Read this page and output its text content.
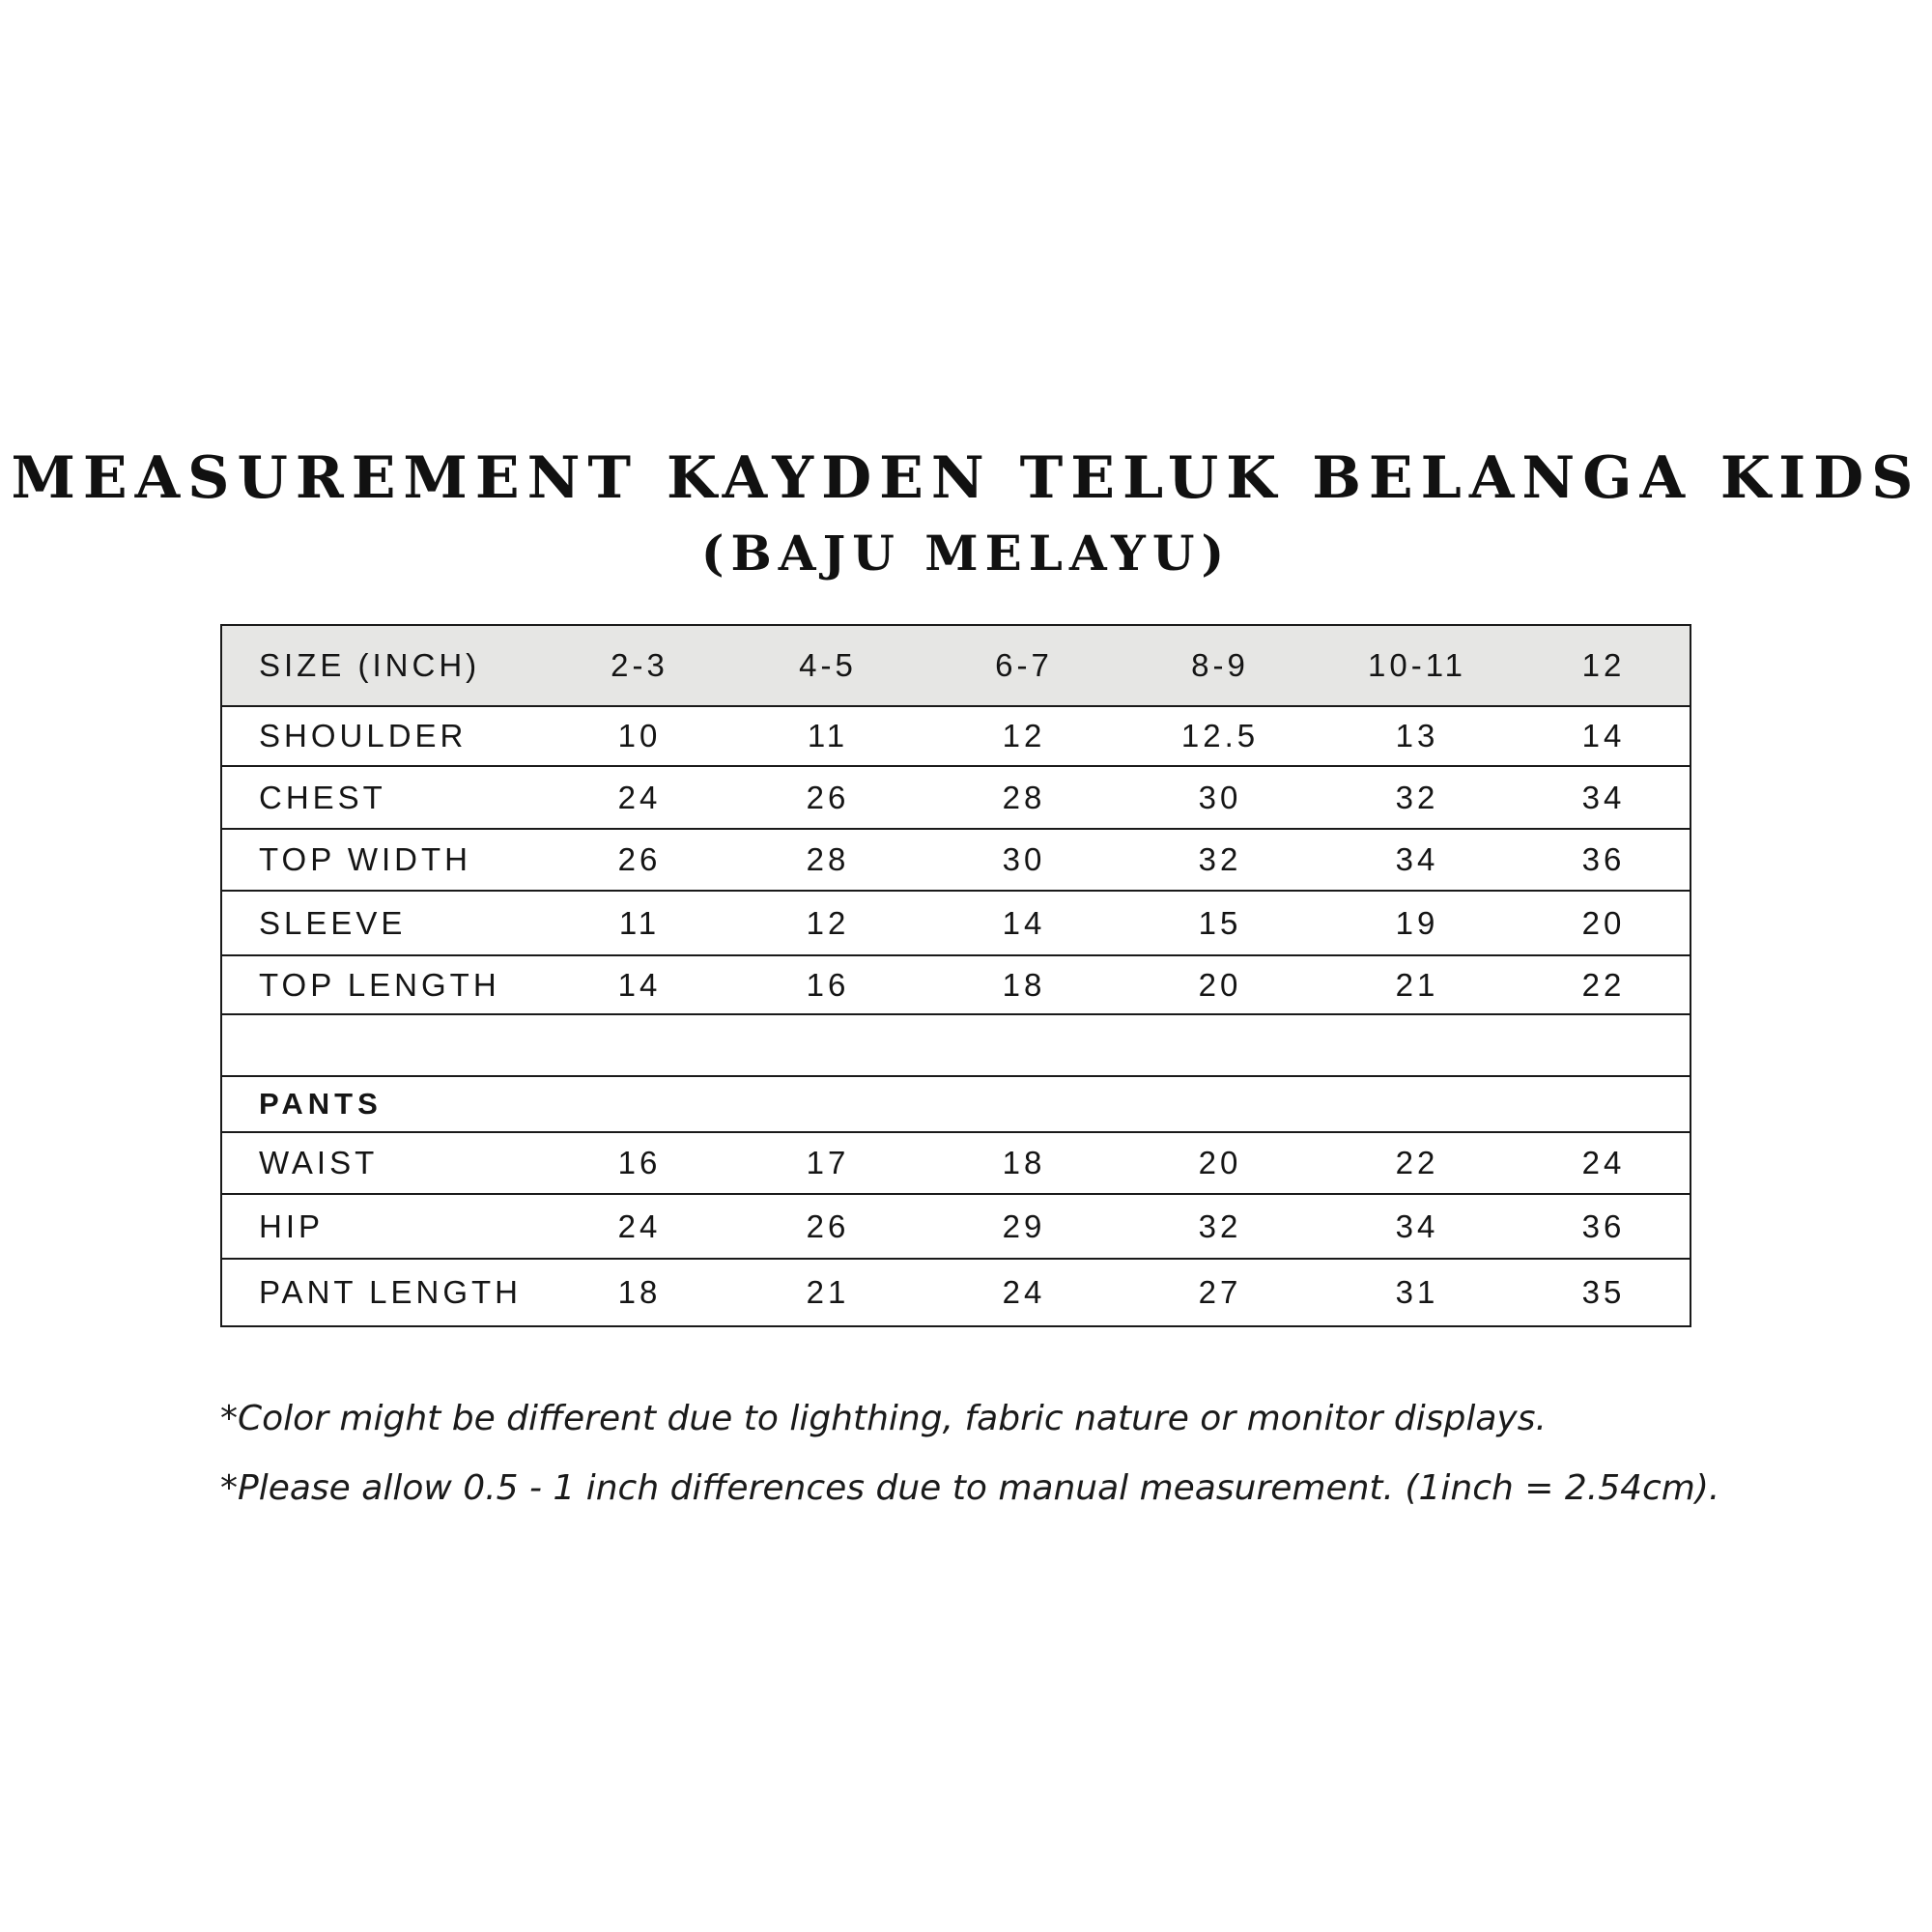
MEASUREMENT KAYDEN TELUK BELANGA KIDS
(BAJU MELAYU)
SIZE (INCH)	2-3	4-5	6-7	8-9	10-11	12
SHOULDER	10	11	12	12.5	13	14
CHEST	24	26	28	30	32	34
TOP WIDTH	26	28	30	32	34	36
SLEEVE	11	12	14	15	19	20
TOP LENGTH	14	16	18	20	21	22
PANTS
WAIST	16	17	18	20	22	24
HIP	24	26	29	32	34	36
PANT LENGTH	18	21	24	27	31	35
*Color might be different due to lighthing, fabric nature or monitor displays.
*Please allow 0.5 - 1 inch differences due to manual measurement. (1inch = 2.54cm).
